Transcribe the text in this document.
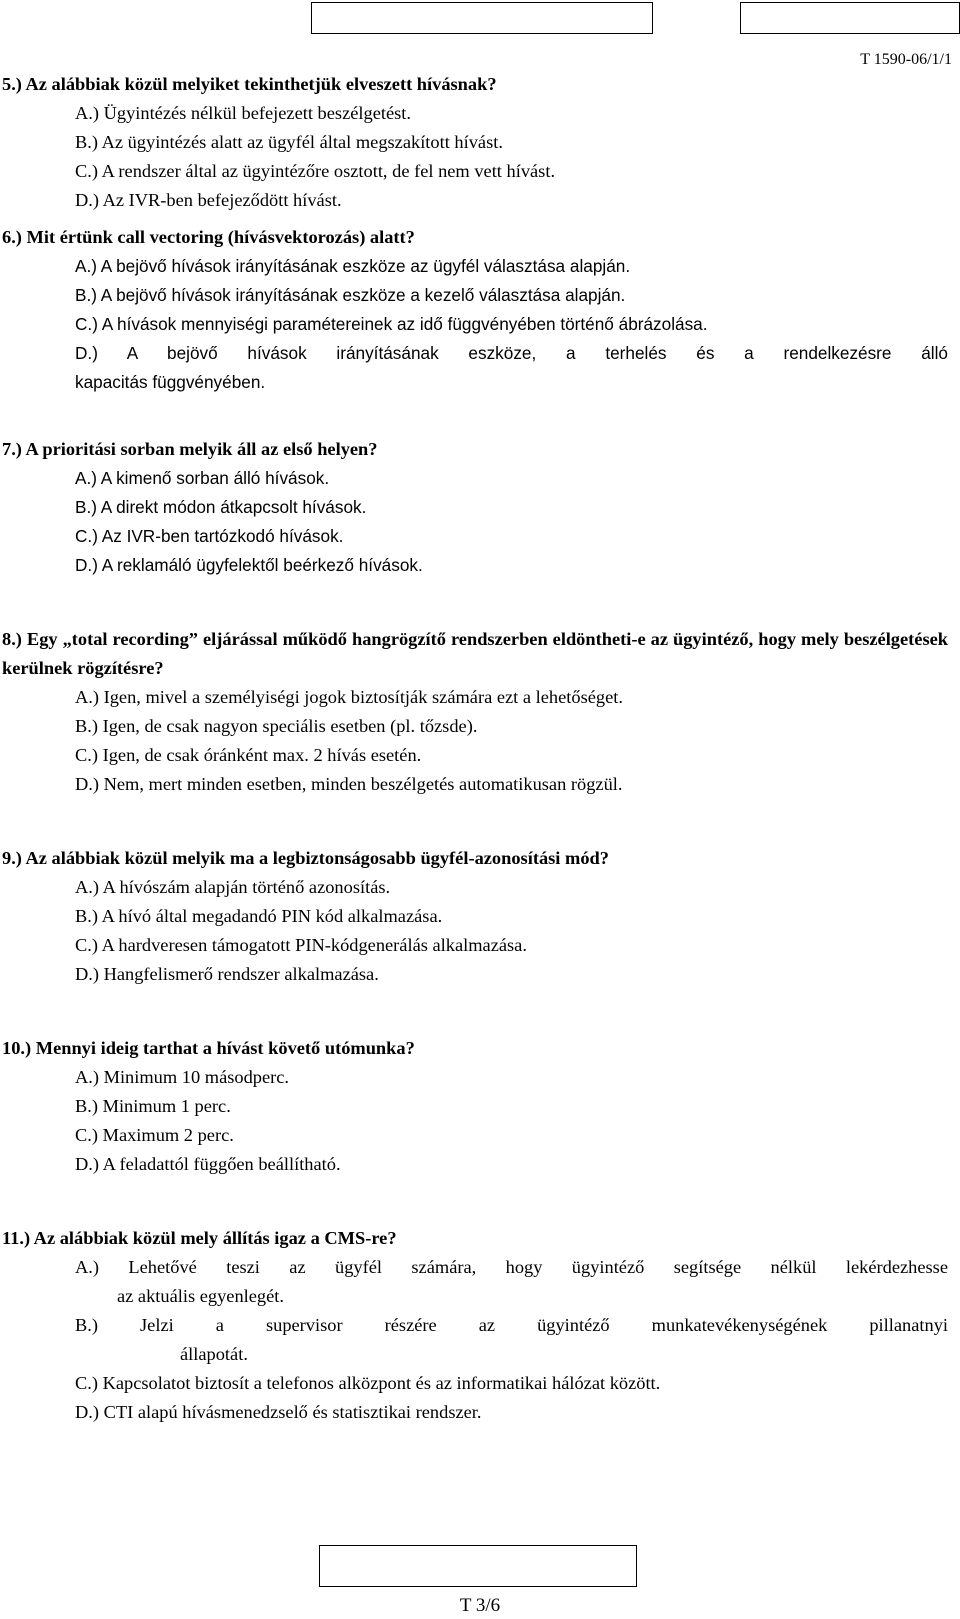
T 1590-06/1/1
5.) Az alábbiak közül melyiket tekinthetjük elveszett hívásnak?
A.) Ügyintézés nélkül befejezett beszélgetést.
B.) Az ügyintézés alatt az ügyfél által megszakított hívást.
C.) A rendszer által az ügyintézőre osztott, de fel nem vett hívást.
D.) Az IVR-ben befejeződött hívást.
6.) Mit értünk call vectoring (hívásvektorozás) alatt?
A.) A bejövő hívások irányításának eszköze az ügyfél választása alapján.
B.) A bejövő hívások irányításának eszköze a kezelő választása alapján.
C.) A hívások mennyiségi paramétereinek az idő függvényében történő ábrázolása.
D.) A bejövő hívások irányításának eszköze, a terhelés és a rendelkezésre álló
kapacitás függvényében.
7.) A prioritási sorban melyik áll az első helyen?
A.) A kimenő sorban álló hívások.
B.) A direkt módon átkapcsolt hívások.
C.) Az IVR-ben tartózkodó hívások.
D.) A reklamáló ügyfelektől beérkező hívások.
8.) Egy „total recording” eljárással működő hangrögzítő rendszerben eldöntheti-e az ügyintéző, hogy mely beszélgetések kerülnek rögzítésre?
A.) Igen, mivel a személyiségi jogok biztosítják számára ezt a lehetőséget.
B.) Igen, de csak nagyon speciális esetben (pl. tőzsde).
C.) Igen, de csak óránként max. 2 hívás esetén.
D.) Nem, mert minden esetben, minden beszélgetés automatikusan rögzül.
9.) Az alábbiak közül melyik ma a legbiztonságosabb ügyfél-azonosítási mód?
A.) A hívószám alapján történő azonosítás.
B.) A hívó által megadandó PIN kód alkalmazása.
C.) A hardveresen támogatott PIN-kódgenerálás alkalmazása.
D.) Hangfelismerő rendszer alkalmazása.
10.) Mennyi ideig tarthat a hívást követő utómunka?
A.) Minimum 10 másodperc.
B.) Minimum 1 perc.
C.) Maximum 2 perc.
D.) A feladattól függően beállítható.
11.) Az alábbiak közül mely állítás igaz a CMS-re?
A.) Lehetővé teszi az ügyfél számára, hogy ügyintéző segítsége nélkül lekérdezhesse
az aktuális egyenlegét.
B.) Jelzi a supervisor részére az ügyintéző munkatevékenységének pillanatnyi
állapotát.
C.) Kapcsolatot biztosít a telefonos alközpont és az informatikai hálózat között.
D.) CTI alapú hívásmenedzselő és statisztikai rendszer.
T 3/6
